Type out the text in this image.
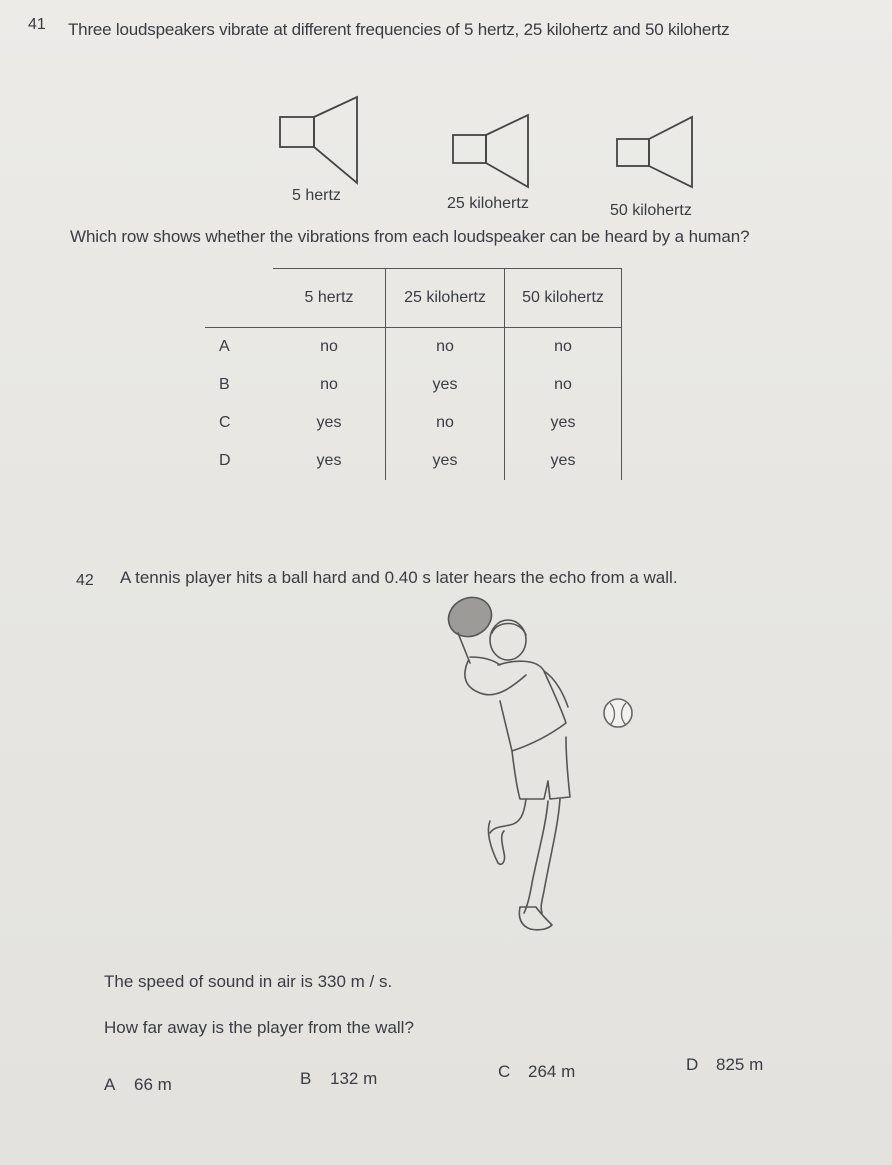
41 Three loudspeakers vibrate at different frequencies of 5 hertz, 25 kilohertz and 50 kilohertz
5 hertz	25 kilohertz	50 kilohertz
Which row shows whether the vibrations from each loudspeaker can be heard by a human?
	5 hertz	25 kilohertz	50 kilohertz
A	no	no	no
B	no	yes	no
C	yes	no	yes
D	yes	yes	yes
42 A tennis player hits a ball hard and 0.40 s later hears the echo from a wall.
The speed of sound in air is 330 m / s.
How far away is the player from the wall?
A 66 m	B 132 m	C 264 m	D 825 m
